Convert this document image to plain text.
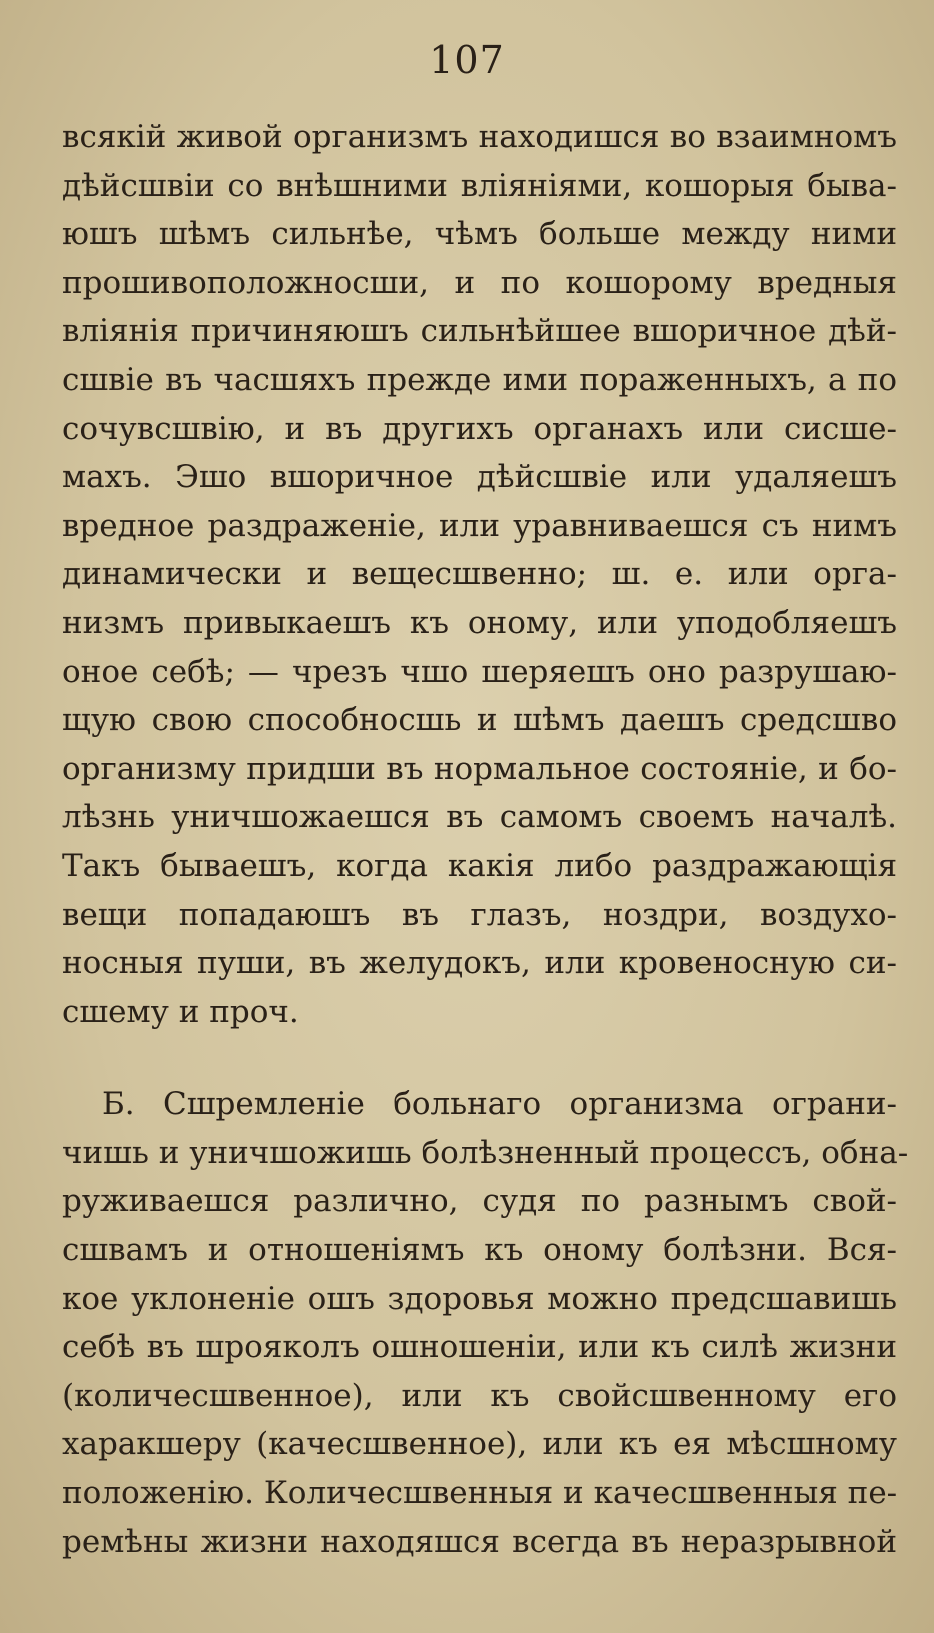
107
всякій живой организмъ находишся во взаимномъ
дѣйсшвіи со внѣшними вліяніями, кошорыя быва-
юшъ шѣмъ сильнѣе, чѣмъ больше между ними
прошивоположносши, и по кошорому вредныя
вліянія причиняюшъ сильнѣйшее вшоричное дѣй-
сшвіе въ часшяхъ прежде ими пораженныхъ, а по
сочувсшвію, и въ другихъ органахъ или сисше-
махъ. Эшо вшоричное дѣйсшвіе или удаляешъ
вредное раздраженіе, или уравниваешся съ нимъ
динамически и вещесшвенно; ш. е. или орга-
низмъ привыкаешъ къ оному, или уподобляешъ
оное себѣ; — чрезъ чшо шеряешъ оно разрушаю-
щую свою способносшь и шѣмъ даешъ средсшво
организму придши въ нормальное состояніе, и бо-
лѣзнь уничшожаешся въ самомъ своемъ началѣ.
Такъ бываешъ, когда какія либо раздражающія
вещи попадаюшъ въ глазъ, ноздри, воздухо-
носныя пуши, въ желудокъ, или кровеносную си-
сшему и проч.
Б. Сшремленіе больнаго организма ограни-
чишь и уничшожишь болѣзненный процессъ, обна-
руживаешся различно, судя по разнымъ свой-
сшвамъ и отношеніямъ къ оному болѣзни. Вся-
кое уклоненіе ошъ здоровья можно предсшавишь
себѣ въ шрояколъ ошношеніи, или къ силѣ жизни
(количесшвенное), или къ свойсшвенному его
харакшеру (качесшвенное), или къ ея мѣсшному
положенію. Количесшвенныя и качесшвенныя пе-
ремѣны жизни находяшся всегда въ неразрывной
